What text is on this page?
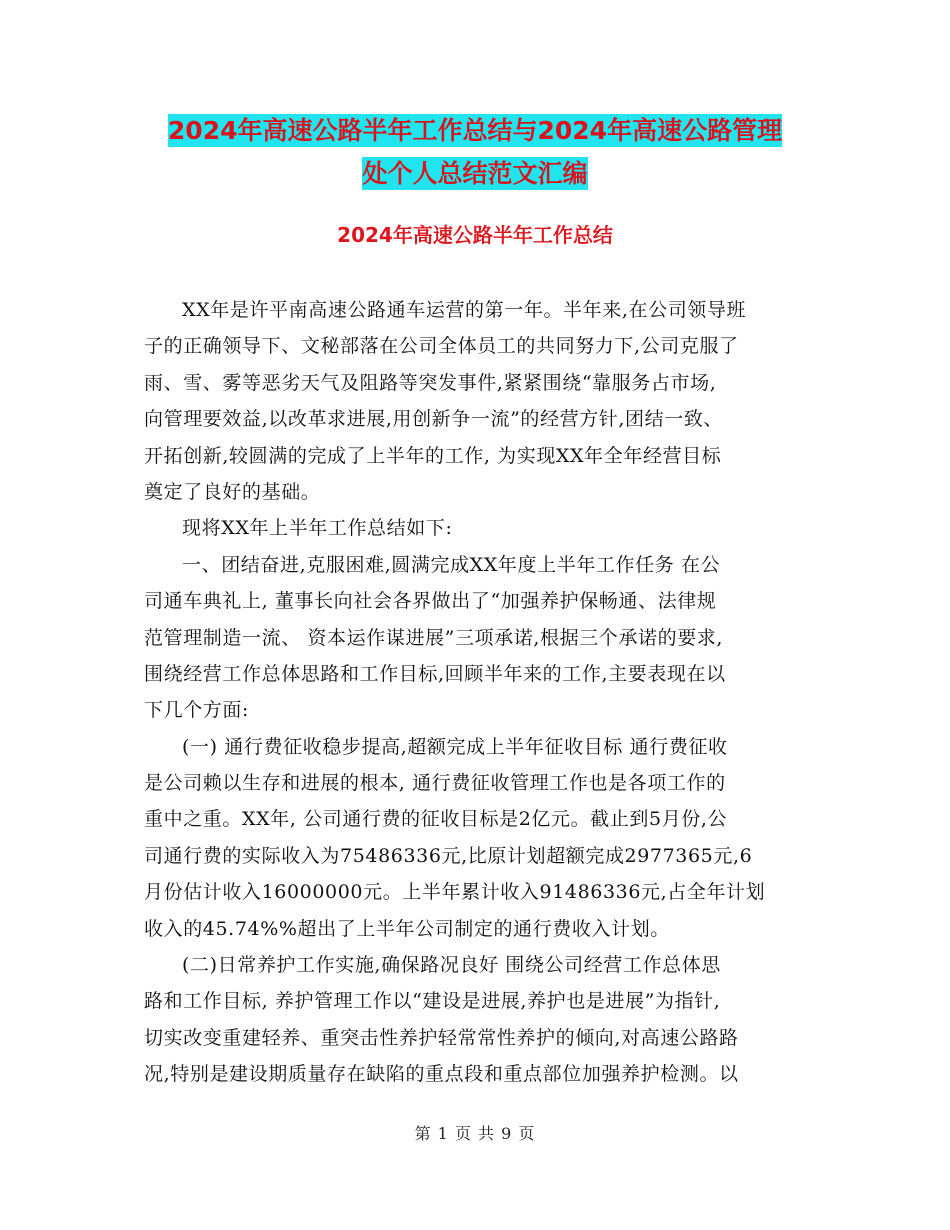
2024年高速公路半年工作总结与2024年高速公路管理
处个人总结范文汇编
2024年高速公路半年工作总结
XX年是许平南高速公路通车运营的第一年。半年来,在公司领导班
子的正确领导下、文秘部落在公司全体员工的共同努力下,公司克服了
雨、雪、雾等恶劣天气及阻路等突发事件,紧紧围绕“靠服务占市场,
向管理要效益,以改革求进展,用创新争一流”的经营方针,团结一致、
开拓创新,较圆满的完成了上半年的工作, 为实现XX年全年经营目标
奠定了良好的基础。
现将XX年上半年工作总结如下:
一、团结奋进,克服困难,圆满完成XX年度上半年工作任务 在公
司通车典礼上, 董事长向社会各界做出了“加强养护保畅通、法律规
范管理制造一流、 资本运作谋进展”三项承诺,根据三个承诺的要求,
围绕经营工作总体思路和工作目标,回顾半年来的工作,主要表现在以
下几个方面:
(一) 通行费征收稳步提高,超额完成上半年征收目标 通行费征收
是公司赖以生存和进展的根本, 通行费征收管理工作也是各项工作的
重中之重。XX年, 公司通行费的征收目标是2亿元。截止到5月份,公
司通行费的实际收入为75486336元,比原计划超额完成2977365元,6
月份估计收入16000000元。上半年累计收入91486336元,占全年计划
收入的45.74%%超出了上半年公司制定的通行费收入计划。
(二)日常养护工作实施,确保路况良好 围绕公司经营工作总体思
路和工作目标, 养护管理工作以“建设是进展,养护也是进展”为指针,
切实改变重建轻养、重突击性养护轻常常性养护的倾向,对高速公路路
况,特别是建设期质量存在缺陷的重点段和重点部位加强养护检测。以
第 1 页 共 9 页
